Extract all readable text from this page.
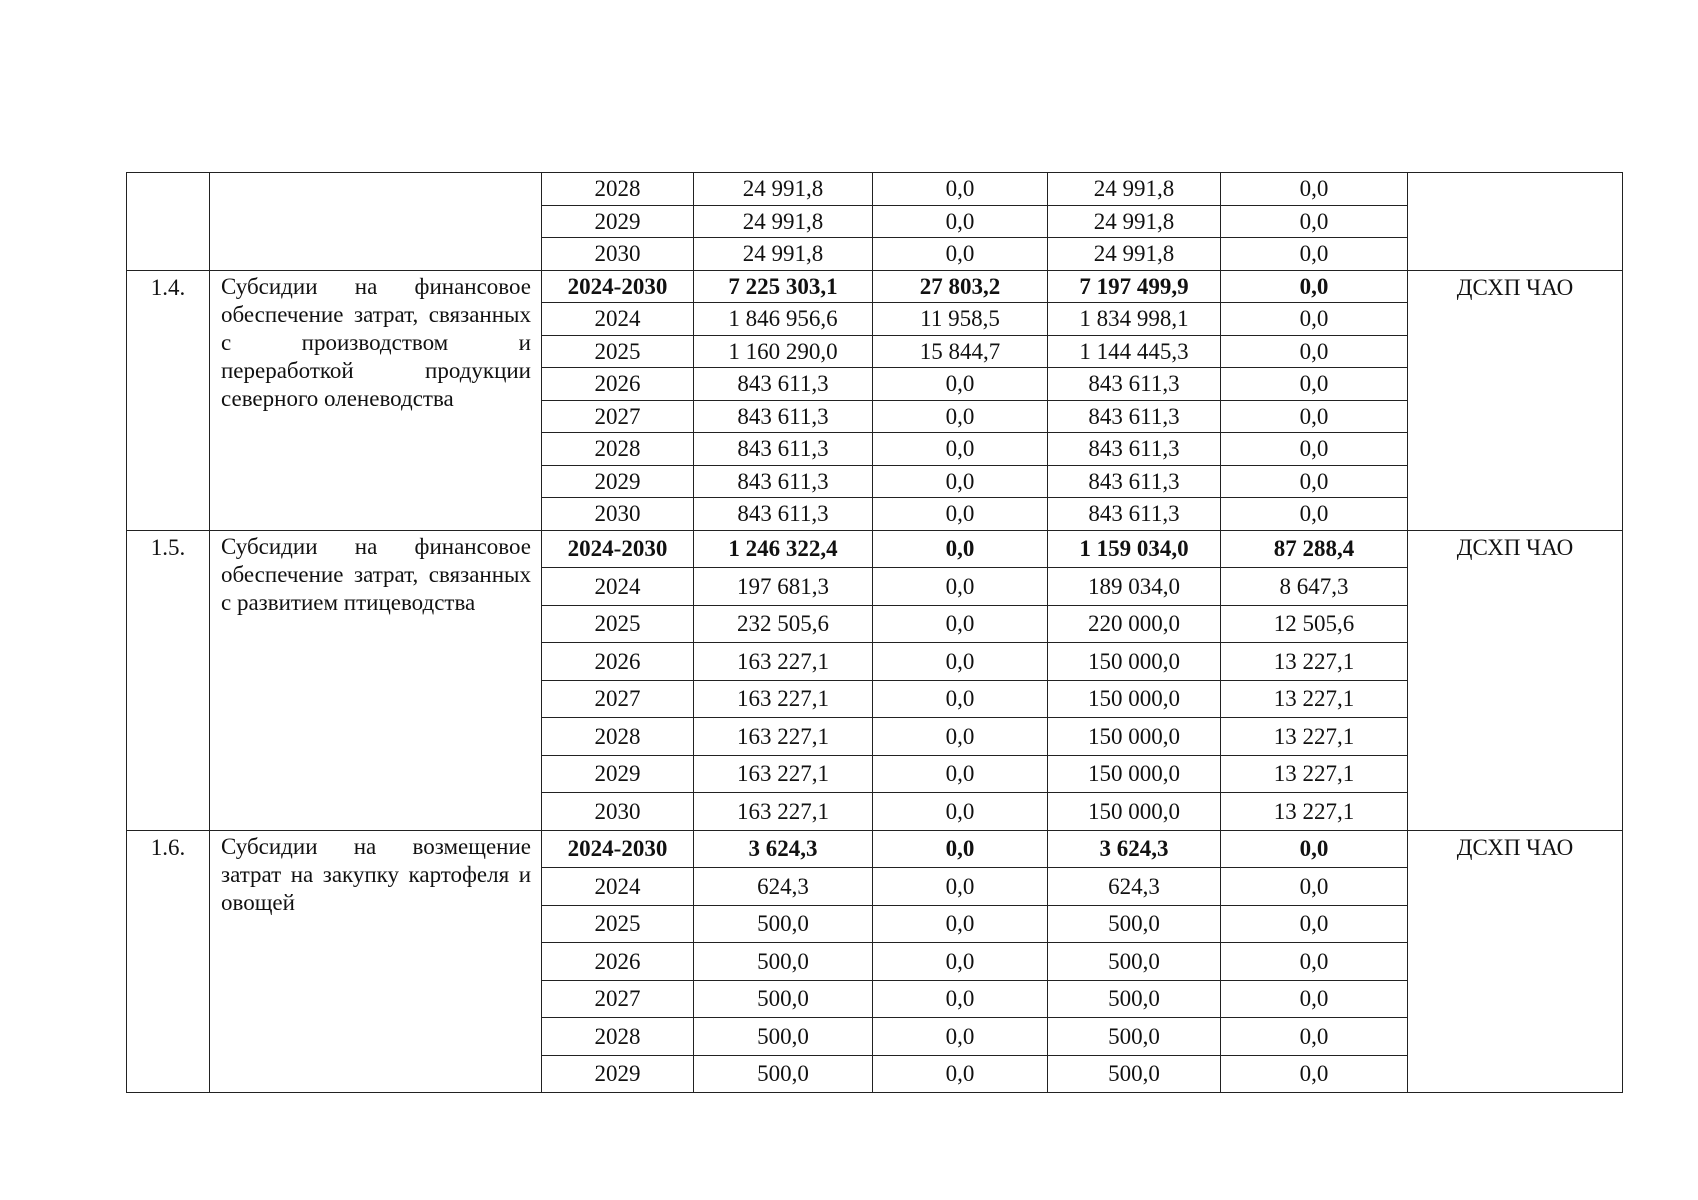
		2028	24 991,8	0,0	24 991,8	0,0	
		2029	24 991,8	0,0	24 991,8	0,0	
		2030	24 991,8	0,0	24 991,8	0,0	
1.4.	Субсидии на финансовое обеспечение затрат, связанных с производством и переработкой продукции северного оленеводства	2024-2030	7 225 303,1	27 803,2	7 197 499,9	0,0	ДСХП ЧАО
		2024	1 846 956,6	11 958,5	1 834 998,1	0,0	
		2025	1 160 290,0	15 844,7	1 144 445,3	0,0	
		2026	843 611,3	0,0	843 611,3	0,0	
		2027	843 611,3	0,0	843 611,3	0,0	
		2028	843 611,3	0,0	843 611,3	0,0	
		2029	843 611,3	0,0	843 611,3	0,0	
		2030	843 611,3	0,0	843 611,3	0,0	
1.5.	Субсидии на финансовое обеспечение затрат, связанных с развитием птицеводства	2024-2030	1 246 322,4	0,0	1 159 034,0	87 288,4	ДСХП ЧАО
		2024	197 681,3	0,0	189 034,0	8 647,3	
		2025	232 505,6	0,0	220 000,0	12 505,6	
		2026	163 227,1	0,0	150 000,0	13 227,1	
		2027	163 227,1	0,0	150 000,0	13 227,1	
		2028	163 227,1	0,0	150 000,0	13 227,1	
		2029	163 227,1	0,0	150 000,0	13 227,1	
		2030	163 227,1	0,0	150 000,0	13 227,1	
1.6.	Субсидии на возмещение затрат на закупку картофеля и овощей	2024-2030	3 624,3	0,0	3 624,3	0,0	ДСХП ЧАО
		2024	624,3	0,0	624,3	0,0	
		2025	500,0	0,0	500,0	0,0	
		2026	500,0	0,0	500,0	0,0	
		2027	500,0	0,0	500,0	0,0	
		2028	500,0	0,0	500,0	0,0	
		2029	500,0	0,0	500,0	0,0	
